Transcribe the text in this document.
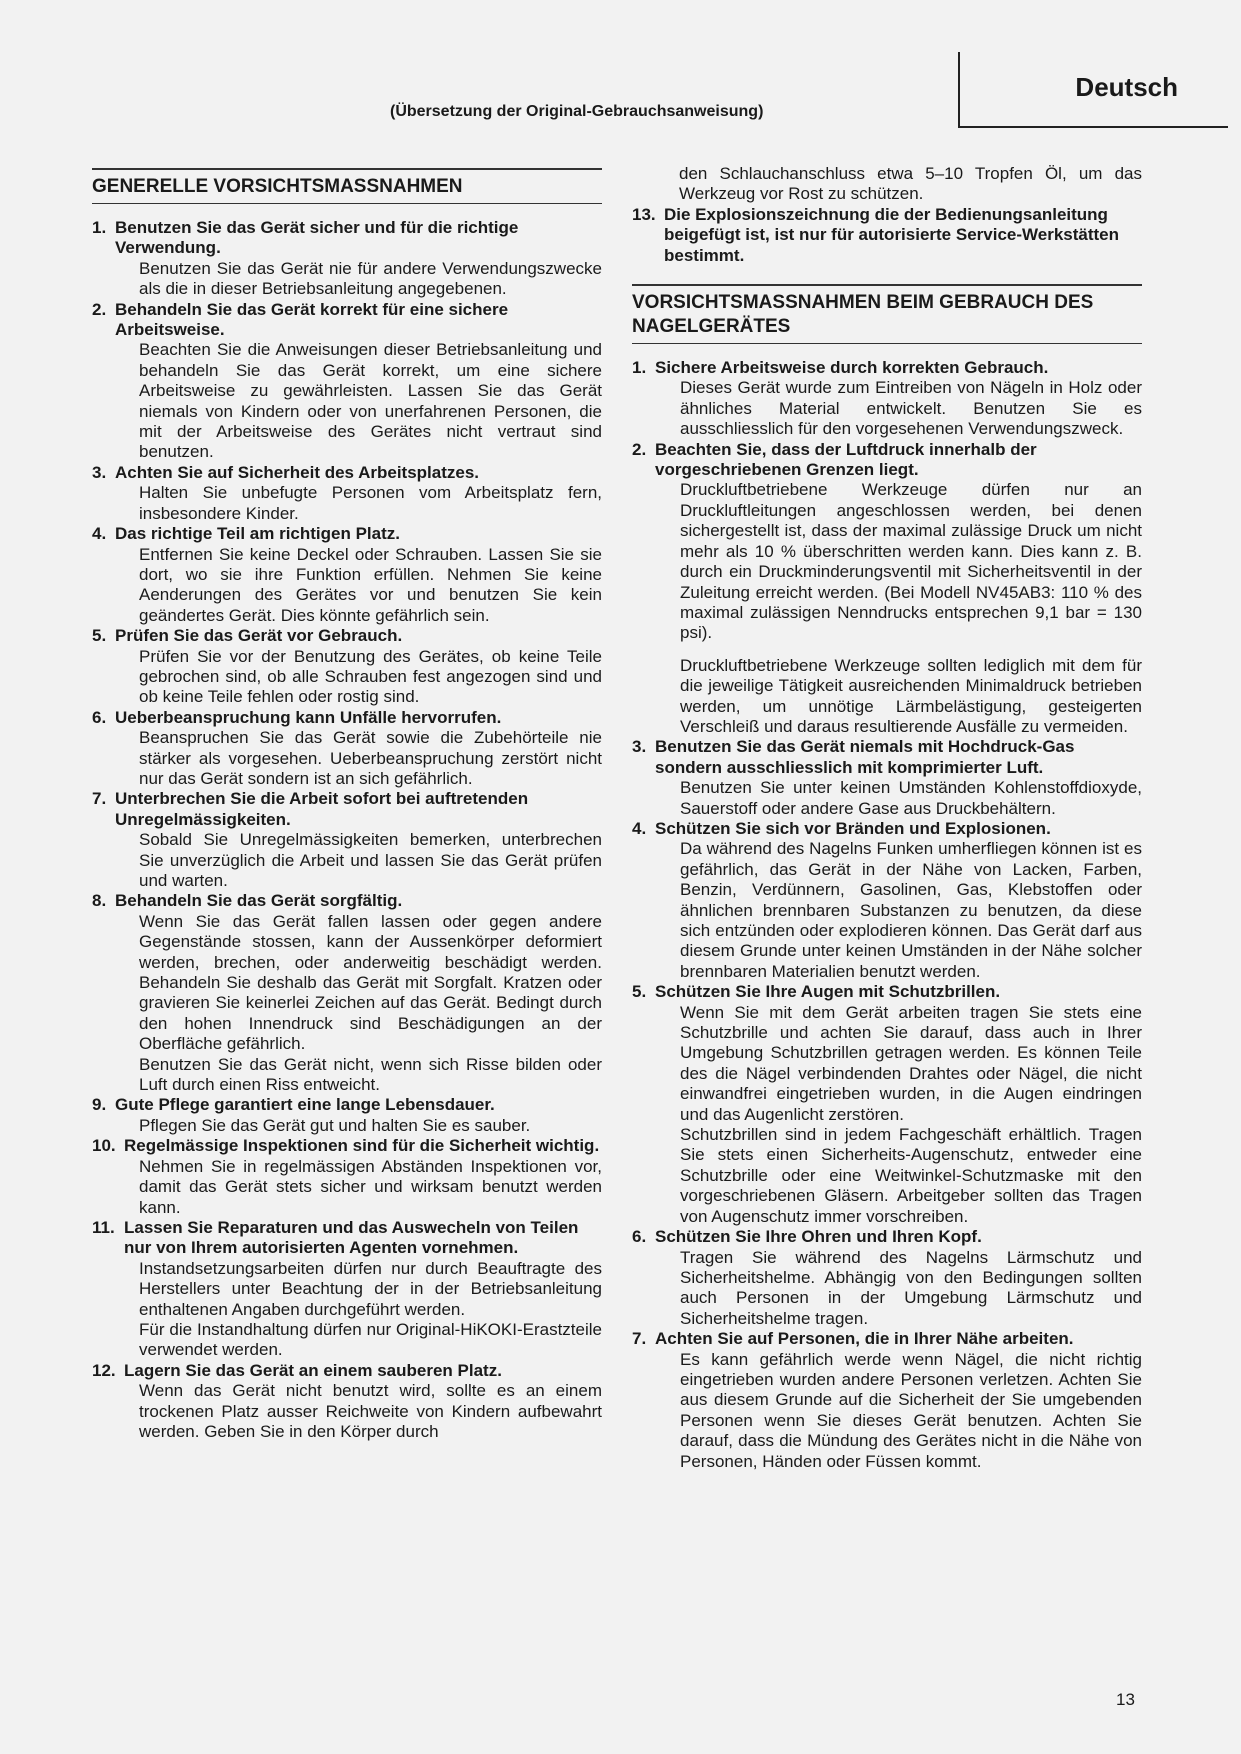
Deutsch
(Übersetzung der Original-Gebrauchsanweisung)
GENERELLE VORSICHTSMASSNAHMEN
1. Benutzen Sie das Gerät sicher und für die richtige Verwendung.

Benutzen Sie das Gerät nie für andere Verwendungszwecke als die in dieser Betriebsanleitung angegebenen.

2. Behandeln Sie das Gerät korrekt für eine sichere Arbeitsweise.

Beachten Sie die Anweisungen dieser Betriebsanleitung und behandeln Sie das Gerät korrekt, um eine sichere Arbeitsweise zu gewährleisten. Lassen Sie das Gerät niemals von Kindern oder von unerfahrenen Personen, die mit der Arbeitsweise des Gerätes nicht vertraut sind benutzen.

3. Achten Sie auf Sicherheit des Arbeitsplatzes.

Halten Sie unbefugte Personen vom Arbeitsplatz fern, insbesondere Kinder.

4. Das richtige Teil am richtigen Platz.

Entfernen Sie keine Deckel oder Schrauben. Lassen Sie sie dort, wo sie ihre Funktion erfüllen. Nehmen Sie keine Aenderungen des Gerätes vor und benutzen Sie kein geändertes Gerät. Dies könnte gefährlich sein.

5. Prüfen Sie das Gerät vor Gebrauch.

Prüfen Sie vor der Benutzung des Gerätes, ob keine Teile gebrochen sind, ob alle Schrauben fest angezogen sind und ob keine Teile fehlen oder rostig sind.

6. Ueberbeanspruchung kann Unfälle hervorrufen.

Beanspruchen Sie das Gerät sowie die Zubehörteile nie stärker als vorgesehen. Ueberbeanspruchung zerstört nicht nur das Gerät sondern ist an sich gefährlich.

7. Unterbrechen Sie die Arbeit sofort bei auftretenden Unregelmässigkeiten.

Sobald Sie Unregelmässigkeiten bemerken, unterbrechen Sie unverzüglich die Arbeit und lassen Sie das Gerät prüfen und warten.

8. Behandeln Sie das Gerät sorgfältig.

Wenn Sie das Gerät fallen lassen oder gegen andere Gegenstände stossen, kann der Aussenkörper deformiert werden, brechen, oder anderweitig beschädigt werden. Behandeln Sie deshalb das Gerät mit Sorgfalt. Kratzen oder gravieren Sie keinerlei Zeichen auf das Gerät. Bedingt durch den hohen Innendruck sind Beschädigungen an der Oberfläche gefährlich.

Benutzen Sie das Gerät nicht, wenn sich Risse bilden oder Luft durch einen Riss entweicht.

9. Gute Pflege garantiert eine lange Lebensdauer.

Pflegen Sie das Gerät gut und halten Sie es sauber.

10. Regelmässige Inspektionen sind für die Sicherheit wichtig.

Nehmen Sie in regelmässigen Abständen Inspektionen vor, damit das Gerät stets sicher und wirksam benutzt werden kann.

11. Lassen Sie Reparaturen und das Auswecheln von Teilen nur von Ihrem autorisierten Agenten vornehmen.

Instandsetzungsarbeiten dürfen nur durch Beauftragte des Herstellers unter Beachtung der in der Betriebsanleitung enthaltenen Angaben durchgeführt werden.

Für die Instandhaltung dürfen nur Original-HiKOKI-Erastzteile verwendet werden.

12. Lagern Sie das Gerät an einem sauberen Platz.

Wenn das Gerät nicht benutzt wird, sollte es an einem trockenen Platz ausser Reichweite von Kindern aufbewahrt werden. Geben Sie in den Körper durch

den Schlauchanschluss etwa 5–10 Tropfen Öl, um das Werkzeug vor Rost zu schützen.
13. Die Explosionszeichnung die der Bedienungsanleitung beigefügt ist, ist nur für autorisierte Service-Werkstätten bestimmt.
VORSICHTSMASSNAHMEN BEIM GEBRAUCH DES NAGELGERÄTES
1. Sichere Arbeitsweise durch korrekten Gebrauch.

Dieses Gerät wurde zum Eintreiben von Nägeln in Holz oder ähnliches Material entwickelt. Benutzen Sie es ausschliesslich für den vorgesehenen Verwendungszweck.

2. Beachten Sie, dass der Luftdruck innerhalb der vorgeschriebenen Grenzen liegt.

Druckluftbetriebene Werkzeuge dürfen nur an Druckluftleitungen angeschlossen werden, bei denen sichergestellt ist, dass der maximal zulässige Druck um nicht mehr als 10 % überschritten werden kann. Dies kann z. B. durch ein Druckminderungsventil mit Sicherheitsventil in der Zuleitung erreicht werden. (Bei Modell NV45AB3: 110 % des maximal zulässigen Nenndrucks entsprechen 9,1 bar = 130 psi).

Druckluftbetriebene Werkzeuge sollten lediglich mit dem für die jeweilige Tätigkeit ausreichenden Minimaldruck betrieben werden, um unnötige Lärmbelästigung, gesteigerten Verschleiß und daraus resultierende Ausfälle zu vermeiden.

3. Benutzen Sie das Gerät niemals mit Hochdruck-Gas sondern ausschliesslich mit komprimierter Luft.

Benutzen Sie unter keinen Umständen Kohlenstoffdioxyde, Sauerstoff oder andere Gase aus Druckbehältern.

4. Schützen Sie sich vor Bränden und Explosionen.

Da während des Nagelns Funken umherfliegen können ist es gefährlich, das Gerät in der Nähe von Lacken, Farben, Benzin, Verdünnern, Gasolinen, Gas, Klebstoffen oder ähnlichen brennbaren Substanzen zu benutzen, da diese sich entzünden oder explodieren können. Das Gerät darf aus diesem Grunde unter keinen Umständen in der Nähe solcher brennbaren Materialien benutzt werden.

5. Schützen Sie Ihre Augen mit Schutzbrillen.

Wenn Sie mit dem Gerät arbeiten tragen Sie stets eine Schutzbrille und achten Sie darauf, dass auch in Ihrer Umgebung Schutzbrillen getragen werden. Es können Teile des die Nägel verbindenden Drahtes oder Nägel, die nicht einwandfrei eingetrieben wurden, in die Augen eindringen und das Augenlicht zerstören.

Schutzbrillen sind in jedem Fachgeschäft erhältlich. Tragen Sie stets einen Sicherheits-Augenschutz, entweder eine Schutzbrille oder eine Weitwinkel-Schutzmaske mit den vorgeschriebenen Gläsern. Arbeitgeber sollten das Tragen von Augenschutz immer vorschreiben.

6. Schützen Sie Ihre Ohren und Ihren Kopf.

Tragen Sie während des Nagelns Lärmschutz und Sicherheitshelme. Abhängig von den Bedingungen sollten auch Personen in der Umgebung Lärmschutz und Sicherheitshelme tragen.

7. Achten Sie auf Personen, die in Ihrer Nähe arbeiten.

Es kann gefährlich werde wenn Nägel, die nicht richtig eingetrieben wurden andere Personen verletzen. Achten Sie aus diesem Grunde auf die Sicherheit der Sie umgebenden Personen wenn Sie dieses Gerät benutzen. Achten Sie darauf, dass die Mündung des Gerätes nicht in die Nähe von Personen, Händen oder Füssen kommt.

13
